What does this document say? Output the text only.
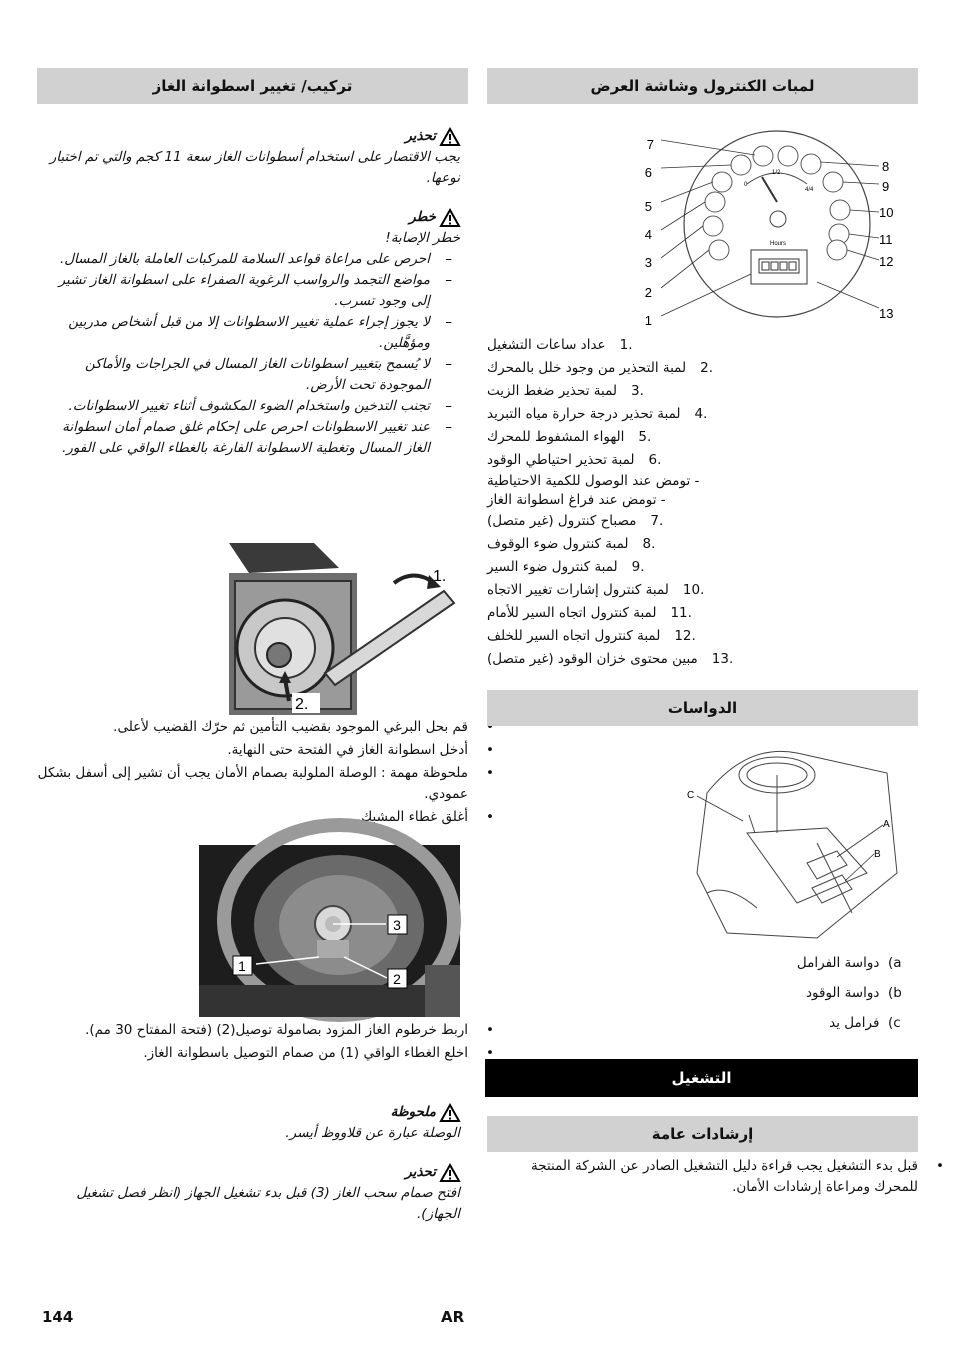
تركيب/ تغيير اسطوانة الغاز
تحذير
يجب الاقتصار على استخدام أسطوانات الغاز سعة 11 كجم والتي تم اختبار نوعها.
خطر
خطر الإصابة!
– احرص على مراعاة قواعد السلامة للمركبات العاملة بالغاز المسال.
– مواضع التجمد والرواسب الرغوية الصفراء على اسطوانة الغاز تشير إلى وجود تسرب.
– لا يجوز إجراء عملية تغيير الاسطوانات إلا من قبل أشخاص مدربين ومؤهَّلين.
– لا يُسمح بتغيير اسطوانات الغاز المسال في الجراجات والأماكن الموجودة تحت الأرض.
– تجنب التدخين واستخدام الضوء المكشوف أثناء تغيير الاسطوانات.
– عند تغيير الاسطوانات احرص على إحكام غلق صمام أمان اسطوانة الغاز المسال وتغطية الاسطوانة الفارغة بالغطاء الواقي على الفور.
1.
2.
• قم بحل البرغي الموجود بقضيب التأمين ثم حرّك القضيب لأعلى.
• أدخل اسطوانة الغاز في الفتحة حتى النهاية.
• ملحوظة مهمة : الوصلة الملولبة بصمام الأمان يجب أن تشير إلى أسفل بشكل عمودي.
• أغلق غطاء المشبك.
3
1
2
• اربط خرطوم الغاز المزود بصامولة توصيل(2) (فتحة المفتاح 30 مم).
• اخلع الغطاء الواقي (1) من صمام التوصيل باسطوانة الغاز.
ملحوظة
الوصلة عبارة عن قلاووظ أيسر.
تحذير
افتح صمام سحب الغاز (3) قبل بدء تشغيل الجهاز (انظر فصل تشغيل الجهاز).
لمبات الكنترول وشاشة العرض
0
1/2
4/4
Hours
7
6
5
4
3
2
1
8
9
10
11
12
13
.1
عداد ساعات التشغيل
.2
لمبة التحذير من وجود خلل بالمحرك
.3
لمبة تحذير ضغط الزيت
.4
لمبة تحذير درجة حرارة مياه التبريد
.5
الهواء المشفوط للمحرك
.6
لمبة تحذير احتياطي الوقود
- تومض عند الوصول للكمية الاحتياطية
- تومض عند فراغ اسطوانة الغاز
.7
مصباح كنترول (غير متصل)
.8
لمبة كنترول ضوء الوقوف
.9
لمبة كنترول ضوء السير
.10
لمبة كنترول إشارات تغيير الاتجاه
.11
لمبة كنترول اتجاه السير للأمام
.12
لمبة كنترول اتجاه السير للخلف
.13
مبين محتوى خزان الوقود (غير متصل)
الدواسات
C
A
B
a)  دواسة الفرامل
b)  دواسة الوقود
c)  فرامل يد
التشغيل
إرشادات عامة
• قبل بدء التشغيل يجب قراءة دليل التشغيل الصادر عن الشركة المنتجة للمحرك ومراعاة إرشادات الأمان.
144	AR
